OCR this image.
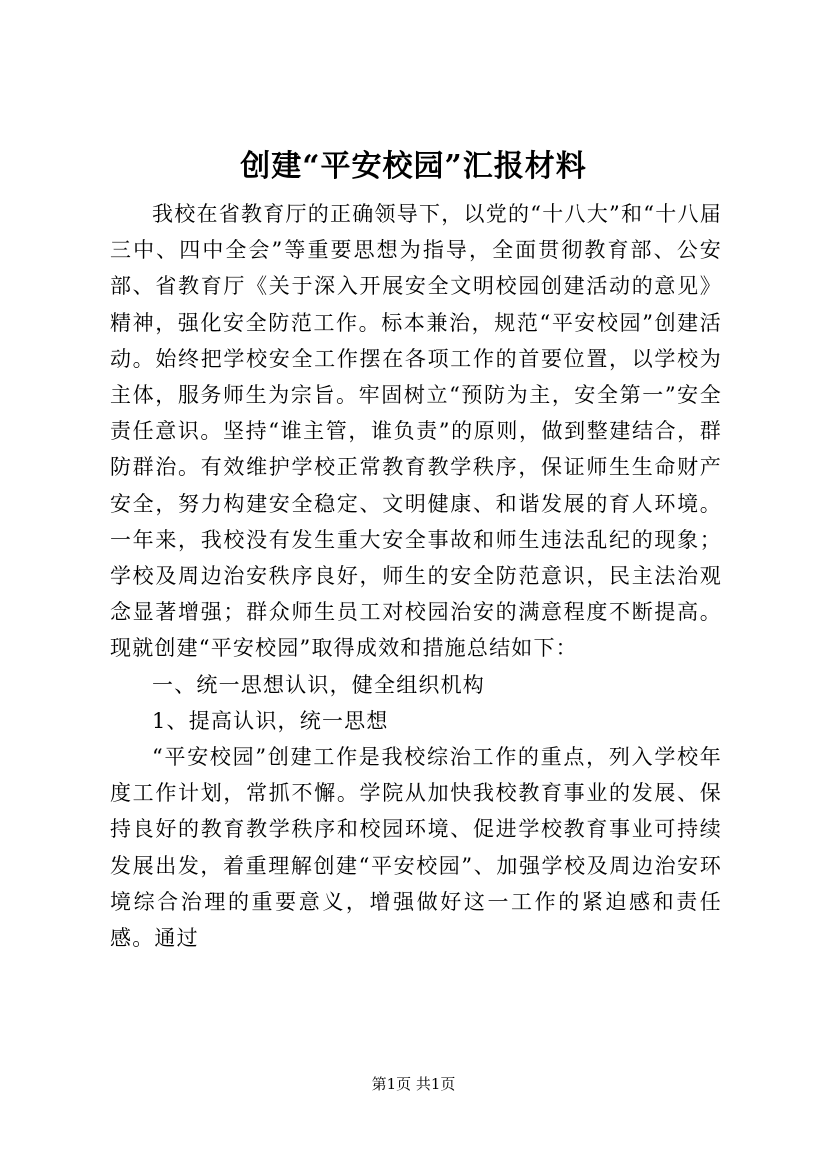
创建“平安校园”汇报材料

我校在省教育厅的正确领导下，以党的“十八大”和“十八届三中、四中全会”等重要思想为指导，全面贯彻教育部、公安部、省教育厅《关于深入开展安全文明校园创建活动的意见》精神，强化安全防范工作。标本兼治，规范“平安校园”创建活动。始终把学校安全工作摆在各项工作的首要位置，以学校为主体，服务师生为宗旨。牢固树立“预防为主，安全第一”安全责任意识。坚持“谁主管，谁负责”的原则，做到整建结合，群防群治。有效维护学校正常教育教学秩序，保证师生生命财产安全，努力构建安全稳定、文明健康、和谐发展的育人环境。一年来，我校没有发生重大安全事故和师生违法乱纪的现象；学校及周边治安秩序良好，师生的安全防范意识，民主法治观念显著增强；群众师生员工对校园治安的满意程度不断提高。现就创建“平安校园”取得成效和措施总结如下：

一、统一思想认识，健全组织机构

1、提高认识，统一思想

“平安校园”创建工作是我校综治工作的重点，列入学校年度工作计划，常抓不懈。学院从加快我校教育事业的发展、保持良好的教育教学秩序和校园环境、促进学校教育事业可持续发展出发，着重理解创建“平安校园”、加强学校及周边治安环境综合治理的重要意义，增强做好这一工作的紧迫感和责任感。通过

第1页 共1页
